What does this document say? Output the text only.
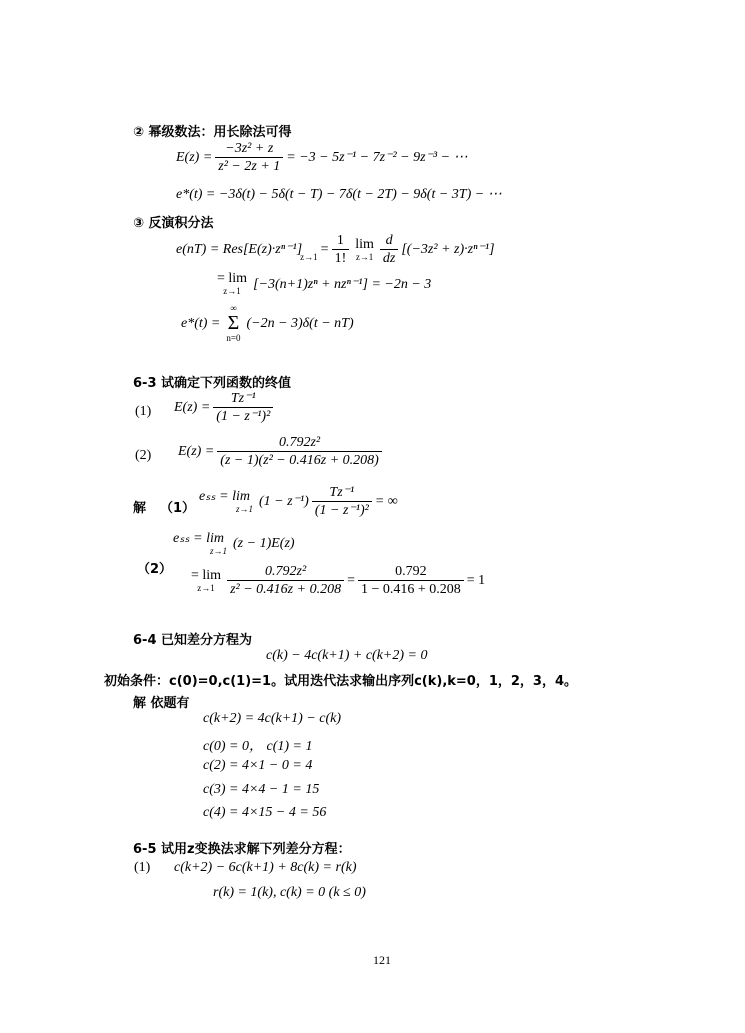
② 幂级数法：用长除法可得
$E(z) = \frac{\text{−3z² + z}}{\text{z² − 2z + 1}} = -3 - 5z^{-1} - 7z^{-2} - 9z^{-3}$ − ⋯
e*(t) = −3δ(t) − 5δ(t − T) − 7δ(t − 2T) − 9δ(t − 3T) − ⋯
③ 反演积分法
e(nT) = Res[E(z)·zⁿ⁻¹]
$z\to 1 = \frac{1}{1!}$ lim
$z\to 1 \frac{d}{dz} [(-3z^2 + z)\cdot z^{n-1}]$
= lim
z→1 [−3(n+1)zⁿ + nzⁿ⁻¹] = −2n − 3
e*(t) =
∞
Σ
n=0
(−2n − 3)δ(t − nT)
6-3 试确定下列函数的终值
(1) $E(z) = \frac{\text{Tz⁻¹}}{\text{(1 − z⁻¹)²}}$
(2) $E(z) = \frac{\text{0.792z²}}{\text{(z − 1)(z² − 0.416z + 0.208)}}$
解 （1）
eₛₛ = lim
z→1 $(1 - z^{-1}) \frac{\text{Tz⁻¹}}{\text{(1 − z⁻¹)²}}$ = ∞
eₛₛ = lim
z→1
(z − 1)E(z)
（2） = lim
$z\to 1 \frac{\text{0.792z²}}{\text{z² − 0.416z + 0.208}} = \frac{0.792}{1 - 0.416 + 0.208} = 1$
6-4 已知差分方程为
c(k) − 4c(k+1) + c(k+2) = 0
初始条件：c(0)=0,c(1)=1。试用迭代法求输出序列c(k),k=0，1，2，3，4。
解 依题有
c(k+2) = 4c(k+1) − c(k)
c(0) = 0， c(1) = 1
c(2) = 4×1 − 0 = 4
c(3) = 4×4 − 1 = 15
c(4) = 4×15 − 4 = 56
6-5 试用z变换法求解下列差分方程：
(1) c(k+2) − 6c(k+1) + 8c(k) = r(k)
r(k) = 1(k), c(k) = 0 (k ≤ 0)
121
